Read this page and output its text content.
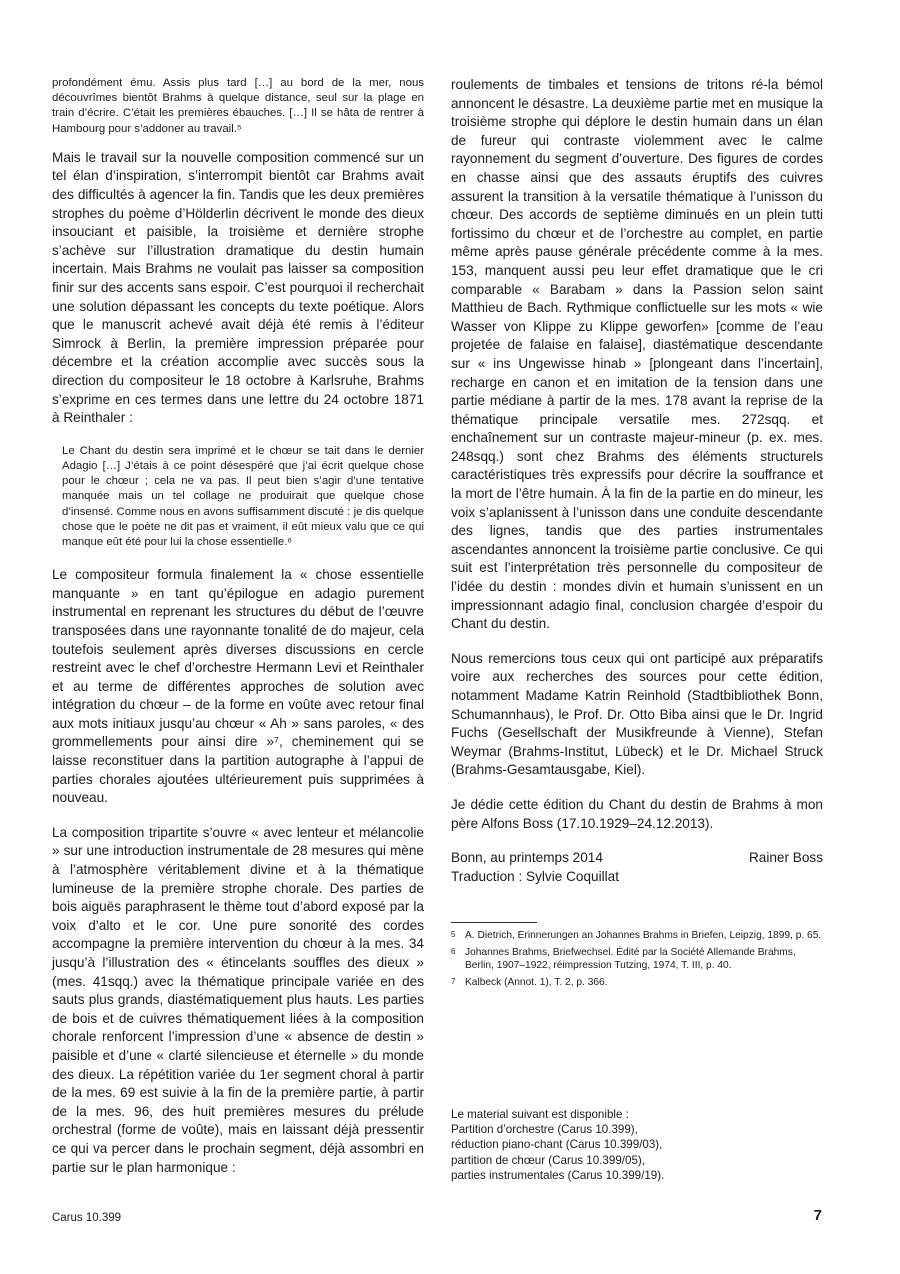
profondément ému. Assis plus tard […] au bord de la mer, nous découvrîmes bientôt Brahms à quelque distance, seul sur la plage en train d’écrire. C’était les premières ébauches. […] Il se hâta de rentrer à Hambourg pour s’addoner au travail.⁵

Mais le travail sur la nouvelle composition commencé sur un tel élan d’inspiration, s’interrompit bientôt car Brahms avait des difficultés à agencer la fin. Tandis que les deux premières strophes du poème d’Hölderlin décrivent le monde des dieux insouciant et paisible, la troisième et dernière strophe s’achève sur l’illustration dramatique du destin humain incertain. Mais Brahms ne voulait pas laisser sa composition finir sur des accents sans espoir. C’est pourquoi il recherchait une solution dépassant les concepts du texte poétique. Alors que le manuscrit achevé avait déjà été remis à l’éditeur Simrock à Berlin, la première impression préparée pour décembre et la création accomplie avec succès sous la direction du compositeur le 18 octobre à Karlsruhe, Brahms s’exprime en ces termes dans une lettre du 24 octobre 1871 à Reinthaler :

Le Chant du destin sera imprimé et le chœur se tait dans le dernier Adagio […] J’étais à ce point désespéré que j’ai écrit quelque chose pour le chœur ; cela ne va pas. Il peut bien s’agir d’une tentative manquée mais un tel collage ne produirait que quelque chose d’insensé. Comme nous en avons suffisamment discuté : je dis quelque chose que le poète ne dit pas et vraiment, il eût mieux valu que ce qui manque eût été pour lui la chose essentielle.⁶

Le compositeur formula finalement la « chose essentielle manquante » en tant qu’épilogue en adagio purement instrumental en reprenant les structures du début de l’œuvre transposées dans une rayonnante tonalité de do majeur, cela toutefois seulement après diverses discussions en cercle restreint avec le chef d’orchestre Hermann Levi et Reinthaler et au terme de différentes approches de solution avec intégration du chœur – de la forme en voûte avec retour final aux mots initiaux jusqu’au chœur « Ah » sans paroles, « des grommellements pour ainsi dire »⁷, cheminement qui se laisse reconstituer dans la partition autographe à l’appui de parties chorales ajoutées ultérieurement puis supprimées à nouveau.

La composition tripartite s’ouvre « avec lenteur et mélancolie » sur une introduction instrumentale de 28 mesures qui mène à l’atmosphère véritablement divine et à la thématique lumineuse de la première strophe chorale. Des parties de bois aiguës paraphrasent le thème tout d’abord exposé par la voix d’alto et le cor. Une pure sonorité des cordes accompagne la première intervention du chœur à la mes. 34 jusqu’à l’illustration des « étincelants souffles des dieux » (mes. 41sqq.) avec la thématique principale variée en des sauts plus grands, diastématiquement plus hauts. Les parties de bois et de cuivres thématiquement liées à la composition chorale renforcent l’impression d’une « absence de destin » paisible et d’une « clarté silencieuse et éternelle » du monde des dieux. La répétition variée du 1er segment choral à partir de la mes. 69 est suivie à la fin de la première partie, à partir de la mes. 96, des huit premières mesures du prélude orchestral (forme de voûte), mais en laissant déjà pressentir ce qui va percer dans le prochain segment, déjà assombri en partie sur le plan harmonique :

roulements de timbales et tensions de tritons ré-la bémol annoncent le désastre. La deuxième partie met en musique la troisième strophe qui déplore le destin humain dans un élan de fureur qui contraste violemment avec le calme rayonnement du segment d’ouverture. Des figures de cordes en chasse ainsi que des assauts éruptifs des cuivres assurent la transition à la versatile thématique à l’unisson du chœur. Des accords de septième diminués en un plein tutti fortissimo du chœur et de l’orchestre au complet, en partie même après pause générale précédente comme à la mes. 153, manquent aussi peu leur effet dramatique que le cri comparable « Barabam » dans la Passion selon saint Matthieu de Bach. Rythmique conflictuelle sur les mots « wie Wasser von Klippe zu Klippe geworfen» [comme de l’eau projetée de falaise en falaise], diastématique descendante sur « ins Ungewisse hinab » [plongeant dans l’incertain], recharge en canon et en imitation de la tension dans une partie médiane à partir de la mes. 178 avant la reprise de la thématique principale versatile mes. 272sqq. et enchaînement sur un contraste majeur-mineur (p. ex. mes. 248sqq.) sont chez Brahms des éléments structurels caractéristiques très expressifs pour décrire la souffrance et la mort de l’être humain. À la fin de la partie en do mineur, les voix s’aplanissent à l’unisson dans une conduite descendante des lignes, tandis que des parties instrumentales ascendantes annoncent la troisième partie conclusive. Ce qui suit est l’interprétation très personnelle du compositeur de l’idée du destin : mondes divin et humain s’unissent en un impressionnant adagio final, conclusion chargée d’espoir du Chant du destin.

Nous remercions tous ceux qui ont participé aux préparatifs voire aux recherches des sources pour cette édition, notamment Madame Katrin Reinhold (Stadtbibliothek Bonn, Schumannhaus), le Prof. Dr. Otto Biba ainsi que le Dr. Ingrid Fuchs (Gesellschaft der Musikfreunde à Vienne), Stefan Weymar (Brahms-Institut, Lübeck) et le Dr. Michael Struck (Brahms-Gesamtausgabe, Kiel).

Je dédie cette édition du Chant du destin de Brahms à mon père Alfons Boss (17.10.1929–24.12.2013).

Bonn, au printemps 2014	Rainer Boss
Traduction : Sylvie Coquillat
5 A. Dietrich, Erinnerungen an Johannes Brahms in Briefen, Leipzig, 1899, p. 65.
6 Johannes Brahms, Briefwechsel. Édité par la Société Allemande Brahms, Berlin, 1907–1922, réimpression Tutzing, 1974, T. III, p. 40.
7 Kalbeck (Annot. 1), T. 2, p. 366.
Le material suivant est disponible :
Partition d’orchestre (Carus 10.399),
réduction piano-chant (Carus 10.399/03),
partition de chœur (Carus 10.399/05),
parties instrumentales (Carus 10.399/19).
Carus 10.399	7
